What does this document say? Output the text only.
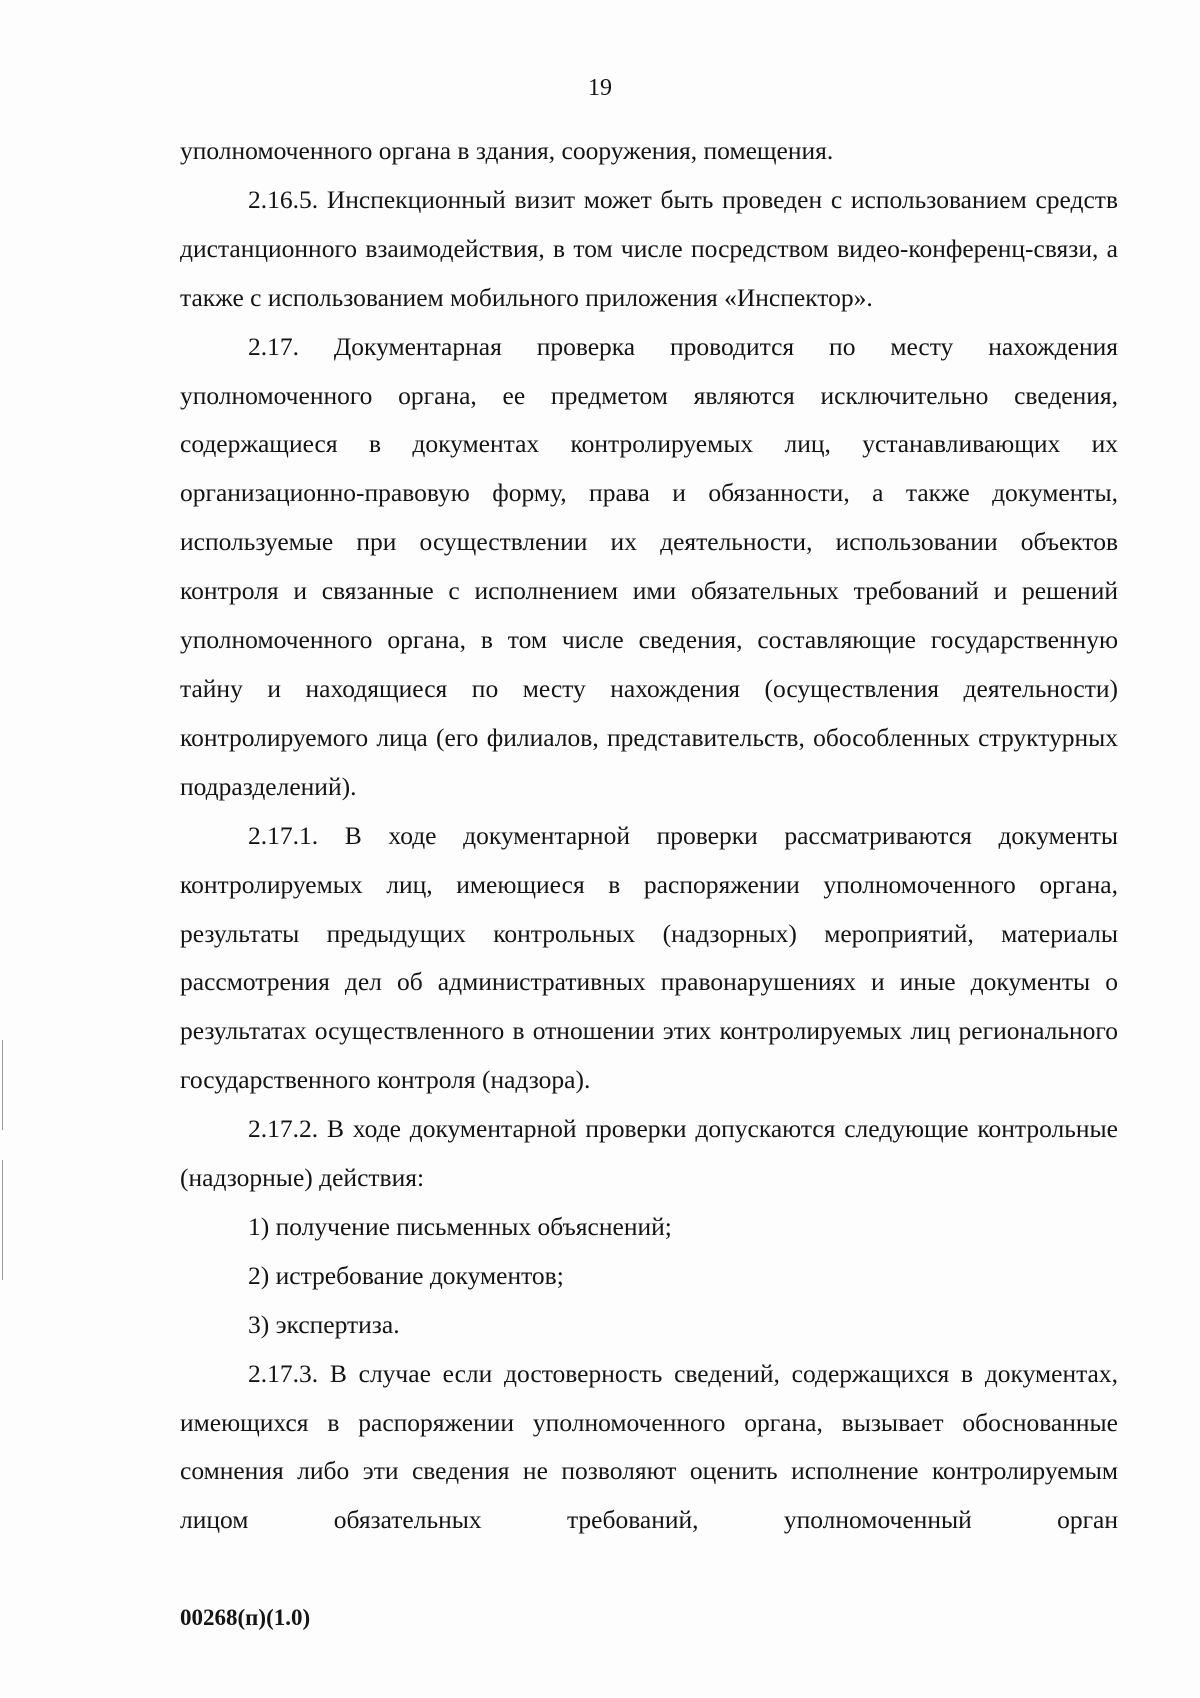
19

уполномоченного органа в здания, сооружения, помещения.

2.16.5. Инспекционный визит может быть проведен с использованием средств дистанционного взаимодействия, в том числе посредством видео-конференц-связи, а также с использованием мобильного приложения «Инспектор».

2.17. Документарная проверка проводится по месту нахождения уполномоченного органа, ее предметом являются исключительно сведения, содержащиеся в документах контролируемых лиц, устанавливающих их организационно-правовую форму, права и обязанности, а также документы, используемые при осуществлении их деятельности, использовании объектов контроля и связанные с исполнением ими обязательных требований и решений уполномоченного органа, в том числе сведения, составляющие государственную тайну и находящиеся по месту нахождения (осуществления деятельности) контролируемого лица (его филиалов, представительств, обособленных структурных подразделений).

2.17.1. В ходе документарной проверки рассматриваются документы контролируемых лиц, имеющиеся в распоряжении уполномоченного органа, результаты предыдущих контрольных (надзорных) мероприятий, материалы рассмотрения дел об административных правонарушениях и иные документы о результатах осуществленного в отношении этих контролируемых лиц регионального государственного контроля (надзора).

2.17.2. В ходе документарной проверки допускаются следующие контрольные (надзорные) действия:

1) получение письменных объяснений;

2) истребование документов;

3) экспертиза.

2.17.3. В случае если достоверность сведений, содержащихся в документах, имеющихся в распоряжении уполномоченного органа, вызывает обоснованные сомнения либо эти сведения не позволяют оценить исполнение контролируемым лицом обязательных требований, уполномоченный орган

00268(п)(1.0)
